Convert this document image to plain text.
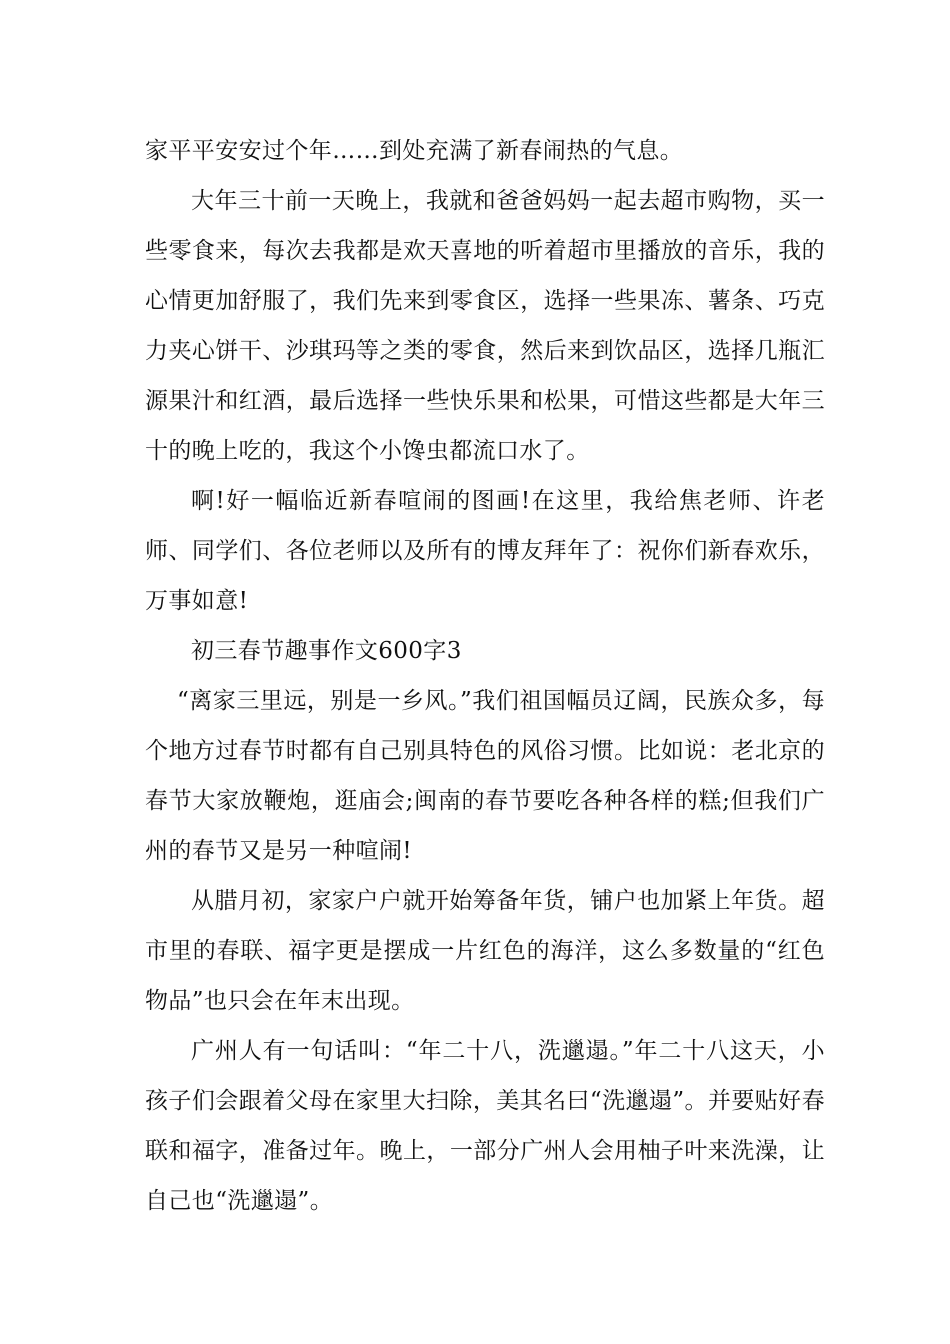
家平平安安过个年……到处充满了新春闹热的气息。

大年三十前一天晚上，我就和爸爸妈妈一起去超市购物，买一些零食来，每次去我都是欢天喜地的听着超市里播放的音乐，我的心情更加舒服了，我们先来到零食区，选择一些果冻、薯条、巧克力夹心饼干、沙琪玛等之类的零食，然后来到饮品区，选择几瓶汇源果汁和红酒，最后选择一些快乐果和松果，可惜这些都是大年三十的晚上吃的，我这个小馋虫都流口水了。

啊!好一幅临近新春喧闹的图画!在这里，我给焦老师、许老师、同学们、各位老师以及所有的博友拜年了：祝你们新春欢乐，万事如意!

初三春节趣事作文600字3

“离家三里远，别是一乡风。”我们祖国幅员辽阔，民族众多，每个地方过春节时都有自己别具特色的风俗习惯。比如说：老北京的春节大家放鞭炮，逛庙会;闽南的春节要吃各种各样的糕;但我们广州的春节又是另一种喧闹!

从腊月初，家家户户就开始筹备年货，铺户也加紧上年货。超市里的春联、福字更是摆成一片红色的海洋，这么多数量的“红色物品”也只会在年末出现。

广州人有一句话叫：“年二十八，洗邋遢。”年二十八这天，小孩子们会跟着父母在家里大扫除，美其名曰“洗邋遢”。并要贴好春联和福字，准备过年。晚上，一部分广州人会用柚子叶来洗澡，让自己也“洗邋遢”。
